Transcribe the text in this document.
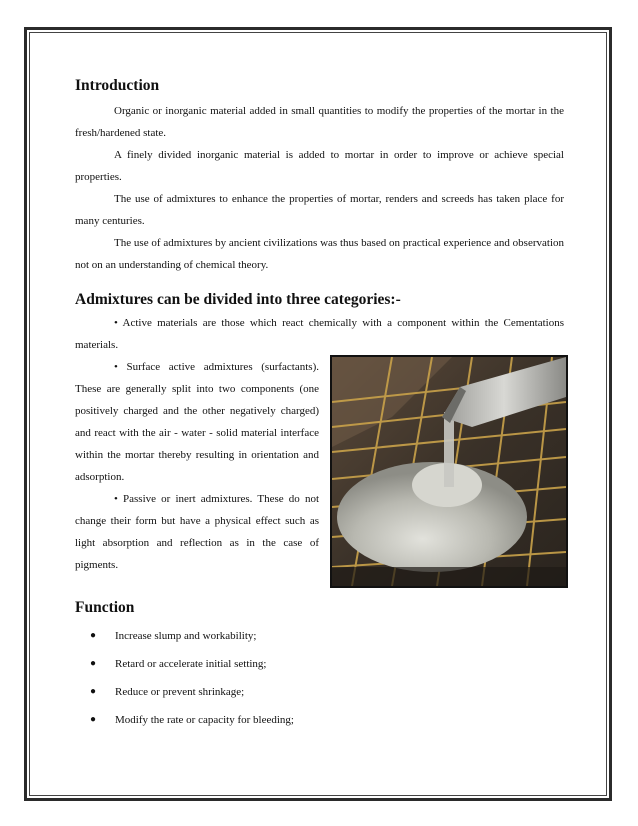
Introduction

Organic or inorganic material added in small quantities to modify the properties of the mortar in the fresh/hardened state.

A finely divided inorganic material is added to mortar in order to improve or achieve special properties.

The use of admixtures to enhance the properties of mortar, renders and screeds has taken place for many centuries.

The use of admixtures by ancient civilizations was thus based on practical experience and observation not on an understanding of chemical theory.

Admixtures can be divided into three categories:-

• Active materials are those which react chemically with a component within the Cementations materials.

• Surface active admixtures (surfactants). These are generally split into two components (one positively charged and the other negatively charged) and react with the air - water - solid material interface within the mortar thereby resulting in orientation and adsorption.

• Passive or inert admixtures. These do not change their form but have a physical effect such as light absorption and reflection as in the case of pigments.

Function
● Increase slump and workability;
● Retard or accelerate initial setting;
● Reduce or prevent shrinkage;
● Modify the rate or capacity for bleeding;
